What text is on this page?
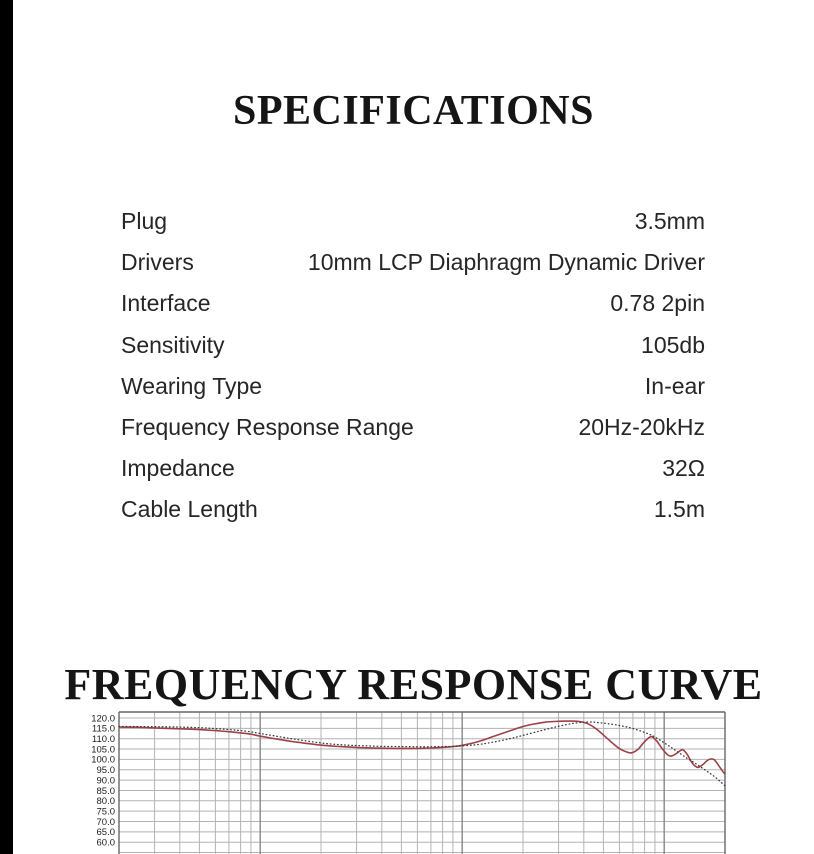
SPECIFICATIONS
Plug	3.5mm
Drivers	10mm LCP Diaphragm Dynamic Driver
Interface	0.78 2pin
Sensitivity	105db
Wearing Type	In-ear
Frequency Response Range	20Hz-20kHz
Impedance	32Ω
Cable Length	1.5m
FREQUENCY RESPONSE CURVE
120.0
115.0
110.0
105.0
100.0
95.0
90.0
85.0
80.0
75.0
70.0
65.0
60.0
